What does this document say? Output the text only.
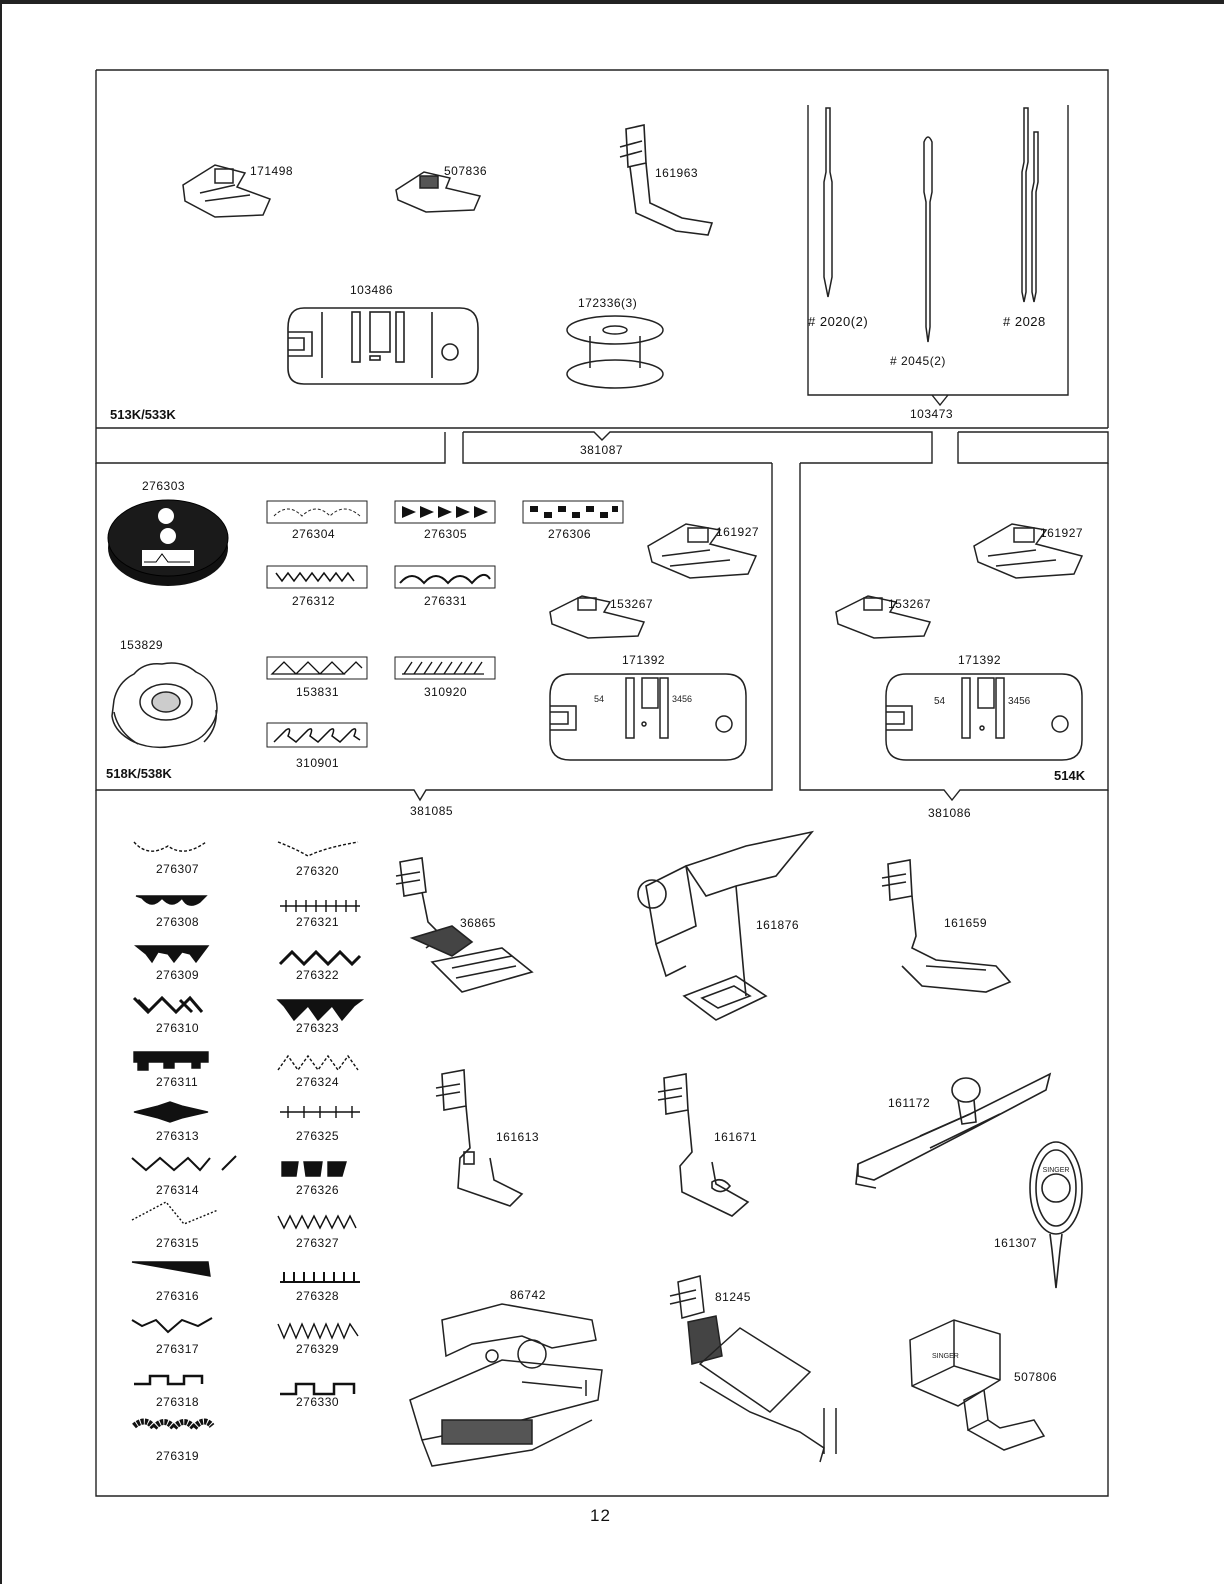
171498	507836	161963
103486
172336(3)
# 2020(2)	# 2028
# 2045(2)
513K/533K	103473
381087
276303
153829
276304	276305	276306
276312	276331
153831	310920
310901
161927
153267
171392
54	3456
518K/538K
161927
153267
171392
54	3456
514K
381085	381086
276307
276308
276309
276310
276311
276313
276314
276315
276316
276317
276318
276319
276320
276321
276322
276323
276324
276325
276326
276327
276328
276329
276330
36865	161876	161659
161613	161671
161172
SINGER
161307
86742	81245
SINGER
507806
12
